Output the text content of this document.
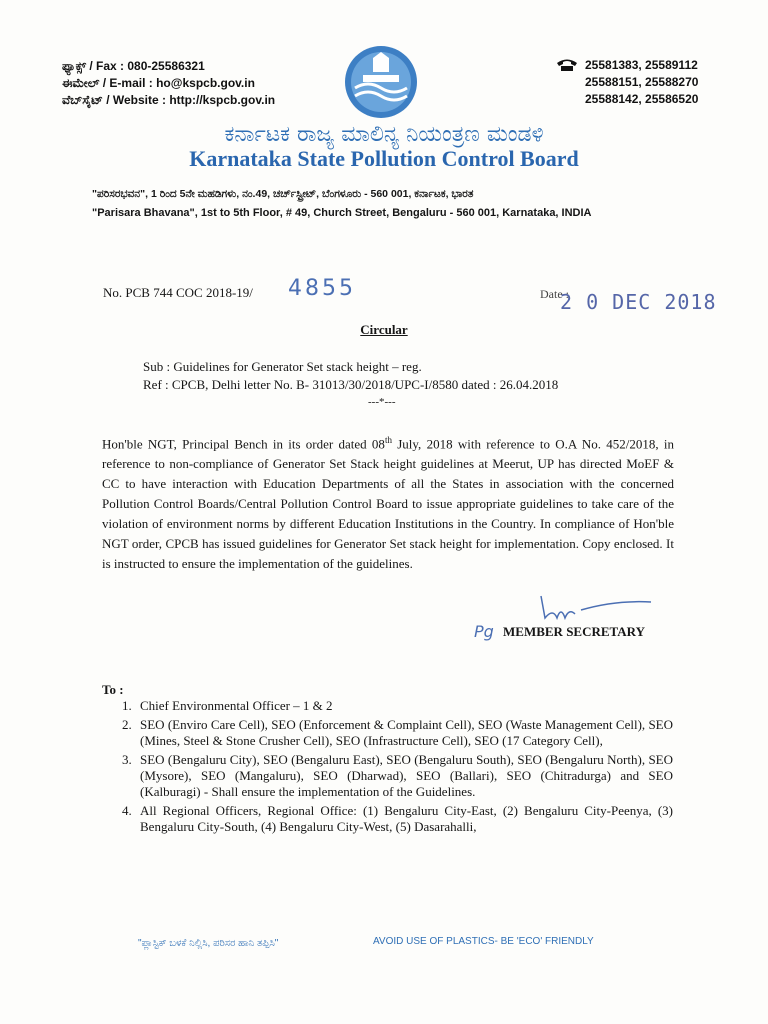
ಫ್ಯಾಕ್ಸ್ / Fax : 080-25586321
ಈಮೇಲ್ / E-mail : ho@kspcb.gov.in
ವೆಬ್‌ಸೈಟ್ / Website : http://kspcb.gov.in
25581383, 25589112
25588151, 25588270
25588142, 25586520
ಕರ್ನಾಟಕ ರಾಜ್ಯ ಮಾಲಿನ್ಯ ನಿಯಂತ್ರಣ ಮಂಡಳಿ
Karnataka State Pollution Control Board
"ಪರಿಸರಭವನ", 1 ರಿಂದ 5ನೇ ಮಹಡಿಗಳು, ನಂ.49, ಚರ್ಚ್‌ಸ್ಟ್ರೀಟ್, ಬೆಂಗಳೂರು - 560 001, ಕರ್ನಾಟಕ, ಭಾರತ
"Parisara Bhavana", 1st to 5th Floor, # 49, Church Street, Bengaluru - 560 001, Karnataka, INDIA
No. PCB 744 COC 2018-19/ 4855	Date :
2 0 DEC 2018
Circular
Sub : Guidelines for Generator Set stack height – reg.
Ref : CPCB, Delhi letter No. B- 31013/30/2018/UPC-I/8580 dated : 26.04.2018
---*---
Hon'ble NGT, Principal Bench in its order dated 08th July, 2018 with reference to O.A No. 452/2018, in reference to non-compliance of Generator Set Stack height guidelines at Meerut, UP has directed MoEF & CC to have interaction with Education Departments of all the States in association with the concerned Pollution Control Boards/Central Pollution Control Board to issue appropriate guidelines to take care of the violation of environment norms by different Education Institutions in the Country. In compliance of Hon'ble NGT order, CPCB has issued guidelines for Generator Set stack height for implementation. Copy enclosed. It is instructed to ensure the implementation of the guidelines.
Pg MEMBER SECRETARY
To :
1. Chief Environmental Officer – 1 & 2
2. SEO (Enviro Care Cell), SEO (Enforcement & Complaint Cell), SEO (Waste Management Cell), SEO (Mines, Steel & Stone Crusher Cell), SEO (Infrastructure Cell), SEO (17 Category Cell),
3. SEO (Bengaluru City), SEO (Bengaluru East), SEO (Bengaluru South), SEO (Bengaluru North), SEO (Mysore), SEO (Mangaluru), SEO (Dharwad), SEO (Ballari), SEO (Chitradurga) and SEO (Kalburagi) - Shall ensure the implementation of the Guidelines.
4. All Regional Officers, Regional Office: (1) Bengaluru City-East, (2) Bengaluru City-Peenya, (3) Bengaluru City-South, (4) Bengaluru City-West, (5) Dasarahalli,
"ಪ್ಲಾಸ್ಟಿಕ್ ಬಳಕೆ ನಿಲ್ಲಿಸಿ, ಪರಿಸರ ಹಾನಿ ತಪ್ಪಿಸಿ"	AVOID USE OF PLASTICS- BE 'ECO' FRIENDLY
